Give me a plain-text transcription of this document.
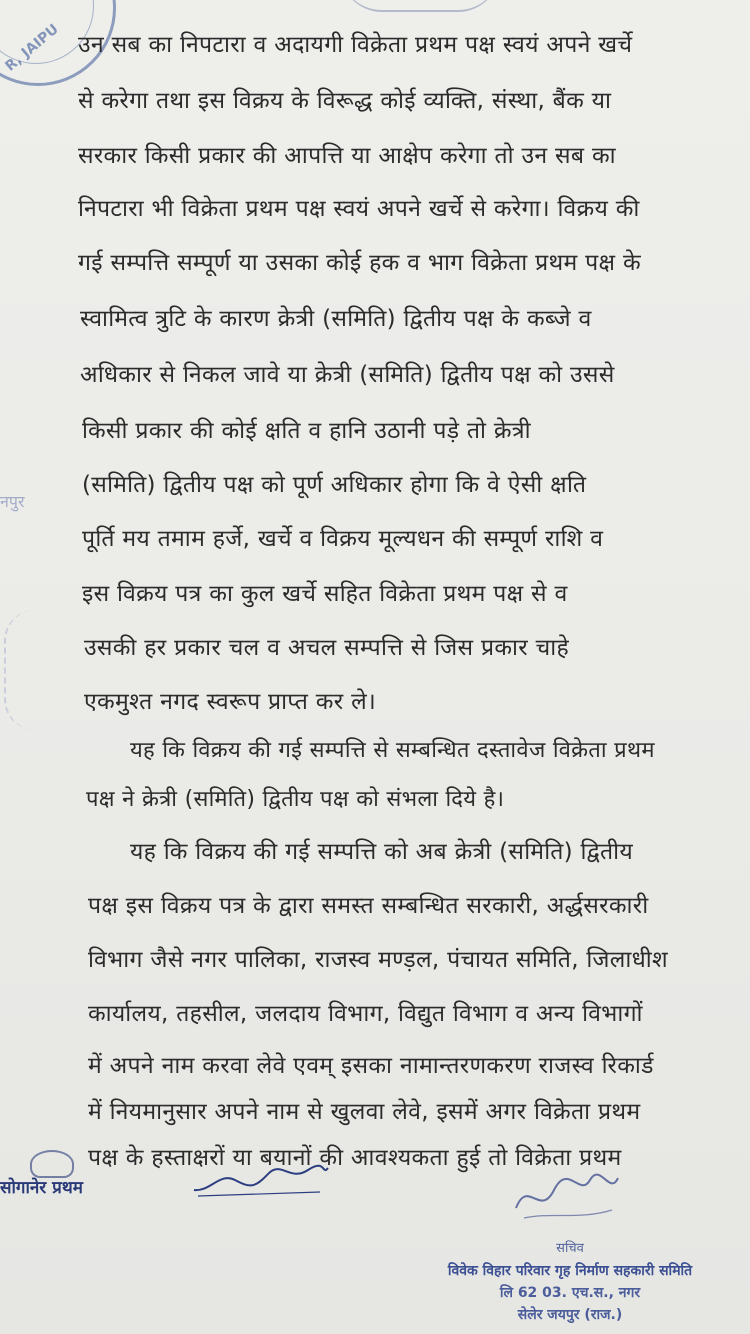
R, JAIPU
नपुर
उन सब का निपटारा व अदायगी विक्रेता प्रथम पक्ष स्वयं अपने खर्चे
से करेगा तथा इस विक्रय के विरूद्ध कोई व्यक्ति, संस्था, बैंक या
सरकार किसी प्रकार की आपत्ति या आक्षेप करेगा तो उन सब का
निपटारा भी विक्रेता प्रथम पक्ष स्वयं अपने खर्चे से करेगा। विक्रय की
गई सम्पत्ति सम्पूर्ण या उसका कोई हक व भाग विक्रेता प्रथम पक्ष के
स्वामित्व त्रुटि के कारण क्रेत्री (समिति) द्वितीय पक्ष के कब्जे व
अधिकार से निकल जावे या क्रेत्री (समिति) द्वितीय पक्ष को उससे
किसी प्रकार की कोई क्षति व हानि उठानी पड़े तो क्रेत्री
(समिति) द्वितीय पक्ष को पूर्ण अधिकार होगा कि वे ऐसी क्षति
पूर्ति मय तमाम हर्जे, खर्चे व विक्रय मूल्यधन की सम्पूर्ण राशि व
इस विक्रय पत्र का कुल खर्चे सहित विक्रेता प्रथम पक्ष से व
उसकी हर प्रकार चल व अचल सम्पत्ति से जिस प्रकार चाहे
एकमुश्त नगद स्वरूप प्राप्त कर ले।
यह कि विक्रय की गई सम्पत्ति से सम्बन्धित दस्तावेज विक्रेता प्रथम
पक्ष ने क्रेत्री (समिति) द्वितीय पक्ष को संभला दिये है।
यह कि विक्रय की गई सम्पत्ति को अब क्रेत्री (समिति) द्वितीय
पक्ष इस विक्रय पत्र के द्वारा समस्त सम्बन्धित सरकारी, अर्द्धसरकारी
विभाग जैसे नगर पालिका, राजस्व मण्ड़ल, पंचायत समिति, जिलाधीश
कार्यालय, तहसील, जलदाय विभाग, विद्युत विभाग व अन्य विभागों
में अपने नाम करवा लेवे एवम् इसका नामान्तरणकरण राजस्व रिकार्ड
में नियमानुसार अपने नाम से खुलवा लेवे, इसमें अगर विक्रेता प्रथम
पक्ष के हस्ताक्षरों या बयानों की आवश्यकता हुई तो विक्रेता प्रथम
सोगानेर प्रथम
सचिव
विवेक विहार परिवार गृह निर्माण सहकारी समिति
लि 62 03. एच.स., नगर
सेलेर जयपुर (राज.)
